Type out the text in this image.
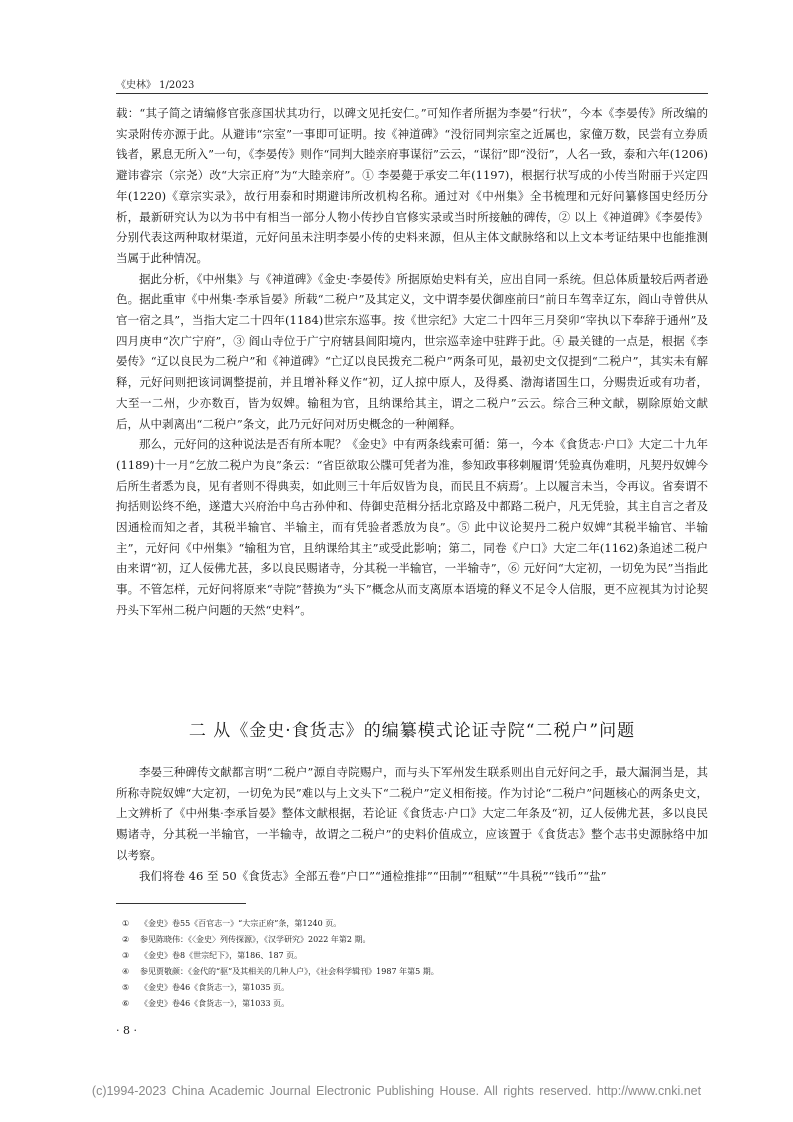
《史林》 1/2023

载：“其子简之请编修官张彦国状其功行，以碑文见托安仁。”可知作者所据为李晏“行状”，今本《李晏传》所改编的实录附传亦源于此。从避讳“宗室”一事即可证明。按《神道碑》“没衍同判宗室之近属也，家僮万数，民尝有立券质钱者，累息无所入”一句，《李晏传》则作“同判大睦亲府事谋衍”云云，“谋衍”即“没衍”，人名一致，泰和六年(1206)避讳睿宗（宗尧）改“大宗正府”为“大睦亲府”。① 李晏薨于承安二年(1197)，根据行状写成的小传当附丽于兴定四年(1220)《章宗实录》，故行用泰和时期避讳所改机构名称。通过对《中州集》全书梳理和元好问纂修国史经历分析，最新研究认为以为书中有相当一部分人物小传抄自官修实录或当时所接触的碑传，② 以上《神道碑》《李晏传》分别代表这两种取材渠道，元好问虽未注明李晏小传的史料来源，但从主体文献脉络和以上文本考证结果中也能推测当属于此种情况。

据此分析，《中州集》与《神道碑》《金史·李晏传》所据原始史料有关，应出自同一系统。但总体质量较后两者逊色。据此重审《中州集·李承旨晏》所载“二税户”及其定义，文中谓李晏伏御座前曰“前日车驾幸辽东，阎山寺曾供从官一宿之具”，当指大定二十四年(1184)世宗东巡事。按《世宗纪》大定二十四年三月癸卯“宰执以下奉辞于通州”及四月庚申“次广宁府”，③ 阎山寺位于广宁府辖县闾阳境内，世宗巡幸途中驻跸于此。④ 最关键的一点是，根据《李晏传》“辽以良民为二税户”和《神道碑》“亡辽以良民拨充二税户”两条可见，最初史文仅提到“二税户”，其实未有解释，元好问则把该词调整提前，并且增补释义作“初，辽人掠中原人，及得奚、渤海诸国生口，分赐贵近或有功者，大至一二州，少亦数百，皆为奴婢。输租为官，且纳课给其主，谓之二税户”云云。综合三种文献，剔除原始文献后，从中剥离出“二税户”条文，此乃元好问对历史概念的一种阐释。

那么，元好问的这种说法是否有所本呢？《金史》中有两条线索可循：第一，今本《食货志·户口》大定二十九年(1189)十一月“乞放二税户为良”条云：“省臣欲取公牒可凭者为准，参知政事移剌履谓‘凭验真伪难明，凡契丹奴婢今后所生者悉为良，见有者则不得典卖，如此则三十年后奴皆为良，而民且不病焉’。上以履言未当，令再议。省奏谓不拘括则讼终不绝，遂遣大兴府治中乌古孙仲和、侍御史范楫分括北京路及中都路二税户，凡无凭验，其主自言之者及因通检而知之者，其税半输官、半输主，而有凭验者悉放为良”。⑤ 此中议论契丹二税户奴婢“其税半输官、半输主”，元好问《中州集》“输租为官，且纳课给其主”或受此影响；第二，同卷《户口》大定二年(1162)条追述二税户由来谓“初，辽人佞佛尤甚，多以良民赐诸寺，分其税一半输官，一半输寺”，⑥ 元好问“大定初，一切免为民”当指此事。不管怎样，元好问将原来“寺院”替换为“头下”概念从而支离原本语境的释义不足令人信服，更不应视其为讨论契丹头下军州二税户问题的天然“史料”。

二 从《金史·食货志》的编纂模式论证寺院“二税户”问题

李晏三种碑传文献都言明“二税户”源自寺院赐户，而与头下军州发生联系则出自元好问之手，最大漏洞当是，其所称寺院奴婢“大定初，一切免为民”难以与上文头下“二税户”定义相衔接。作为讨论“二税户”问题核心的两条史文，上文辨析了《中州集·李承旨晏》整体文献根据，若论证《食货志·户口》大定二年条及“初，辽人佞佛尤甚，多以良民赐诸寺，分其税一半输官，一半输寺，故谓之二税户”的史料价值成立，应该置于《食货志》整个志书史源脉络中加以考察。

我们将卷 46 至 50《食货志》全部五卷“户口”“通检推排”“田制”“租赋”“牛具税”“钱币”“盐”

① 《金史》卷55《百官志一》“大宗正府”条，第1240 页。
② 参见陈晓伟：《〈金史〉列传探源》，《汉学研究》2022 年第2 期。
③ 《金史》卷8《世宗纪下》，第186、187 页。
④ 参见贾敬颜：《金代的“驱”及其相关的几种人户》，《社会科学辑刊》1987 年第5 期。
⑤ 《金史》卷46《食货志一》，第1035 页。
⑥ 《金史》卷46《食货志一》，第1033 页。
· 8 ·
(c)1994-2023 China Academic Journal Electronic Publishing House. All rights reserved. http://www.cnki.net
